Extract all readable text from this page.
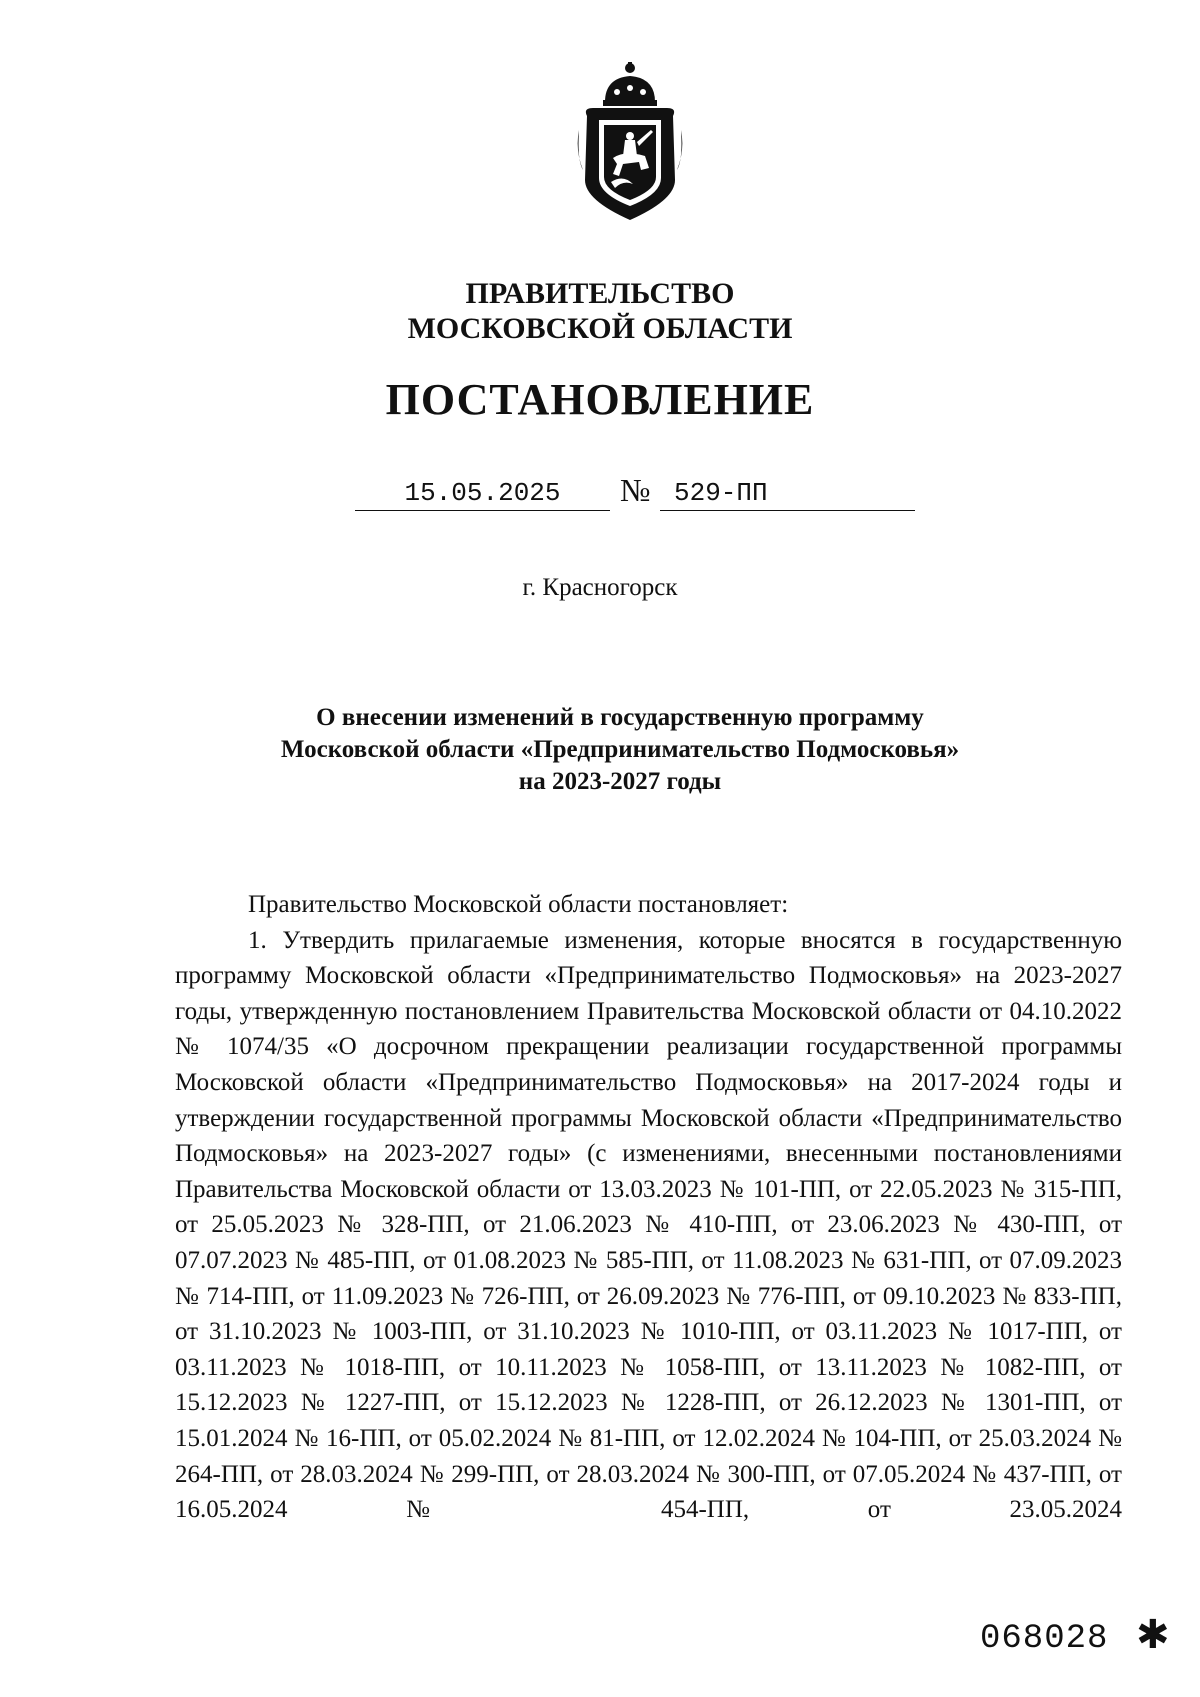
ПРАВИТЕЛЬСТВО
МОСКОВСКОЙ ОБЛАСТИ
ПОСТАНОВЛЕНИЕ
15.05.2025	№ 529-ПП
г. Красногорск
О внесении изменений в государственную программу
Московской области «Предпринимательство Подмосковья»
на 2023-2027 годы

Правительство Московской области постановляет:

1. Утвердить прилагаемые изменения, которые вносятся в государственную программу Московской области «Предпринимательство Подмосковья» на 2023-2027 годы, утвержденную постановлением Правительства Московской области от 04.10.2022 № 1074/35 «О досрочном прекращении реализации государственной программы Московской области «Предпринимательство Подмосковья» на 2017-2024 годы и утверждении государственной программы Московской области «Предпринимательство Подмосковья» на 2023-2027 годы» (с изменениями, внесенными постановлениями Правительства Московской области от 13.03.2023 № 101-ПП, от 22.05.2023 № 315-ПП, от 25.05.2023 № 328-ПП, от 21.06.2023 № 410-ПП, от 23.06.2023 № 430-ПП, от 07.07.2023 № 485-ПП, от 01.08.2023 № 585-ПП, от 11.08.2023 № 631-ПП, от 07.09.2023 № 714-ПП, от 11.09.2023 № 726-ПП, от 26.09.2023 № 776-ПП, от 09.10.2023 № 833-ПП, от 31.10.2023 № 1003-ПП, от 31.10.2023 № 1010-ПП, от 03.11.2023 № 1017-ПП, от 03.11.2023 № 1018-ПП, от 10.11.2023 № 1058-ПП, от 13.11.2023 № 1082-ПП, от 15.12.2023 № 1227-ПП, от 15.12.2023 № 1228-ПП, от 26.12.2023 № 1301-ПП, от 15.01.2024 № 16-ПП, от 05.02.2024 № 81-ПП, от 12.02.2024 № 104-ПП, от 25.03.2024 № 264-ПП, от 28.03.2024 № 299-ПП, от 28.03.2024 № 300-ПП, от 07.05.2024 № 437-ПП, от 16.05.2024 № 454-ПП, от 23.05.2024

068028 ✱
